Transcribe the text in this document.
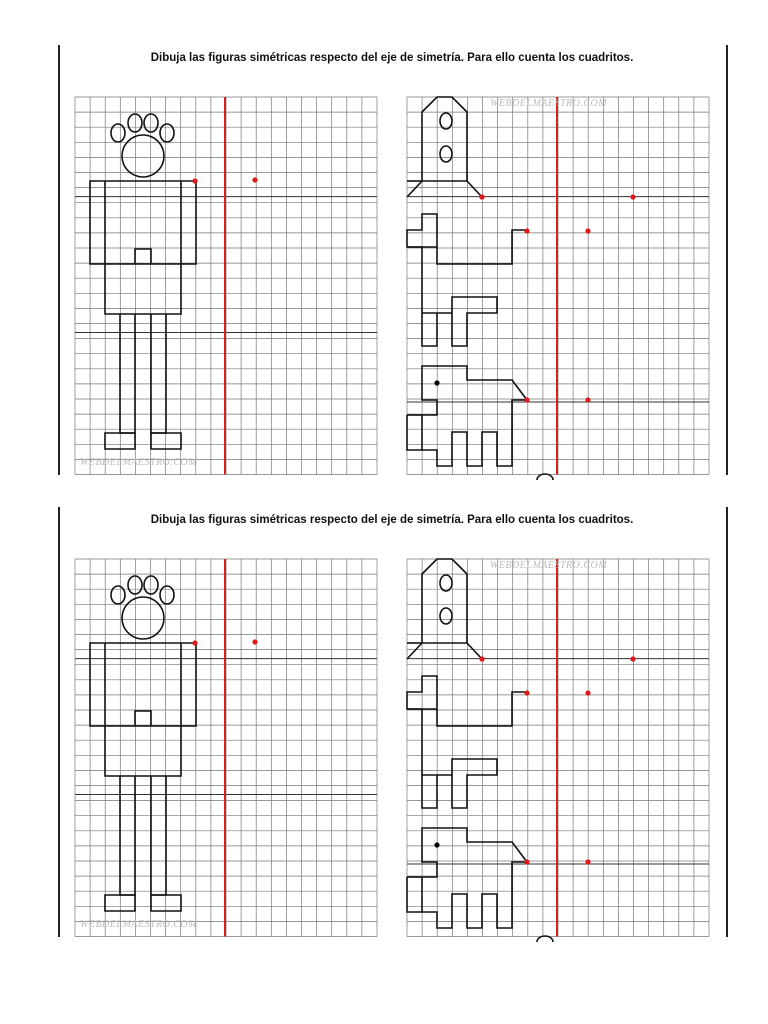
Dibuja las figuras simétricas respecto del eje de simetría. Para ello cuenta los cuadritos.
WEBDELMAESTRO.COM
WEBDELMAESTRO.COM
Dibuja las figuras simétricas respecto del eje de simetría. Para ello cuenta los cuadritos.
WEBDELMAESTRO.COM
WEBDELMAESTRO.COM
